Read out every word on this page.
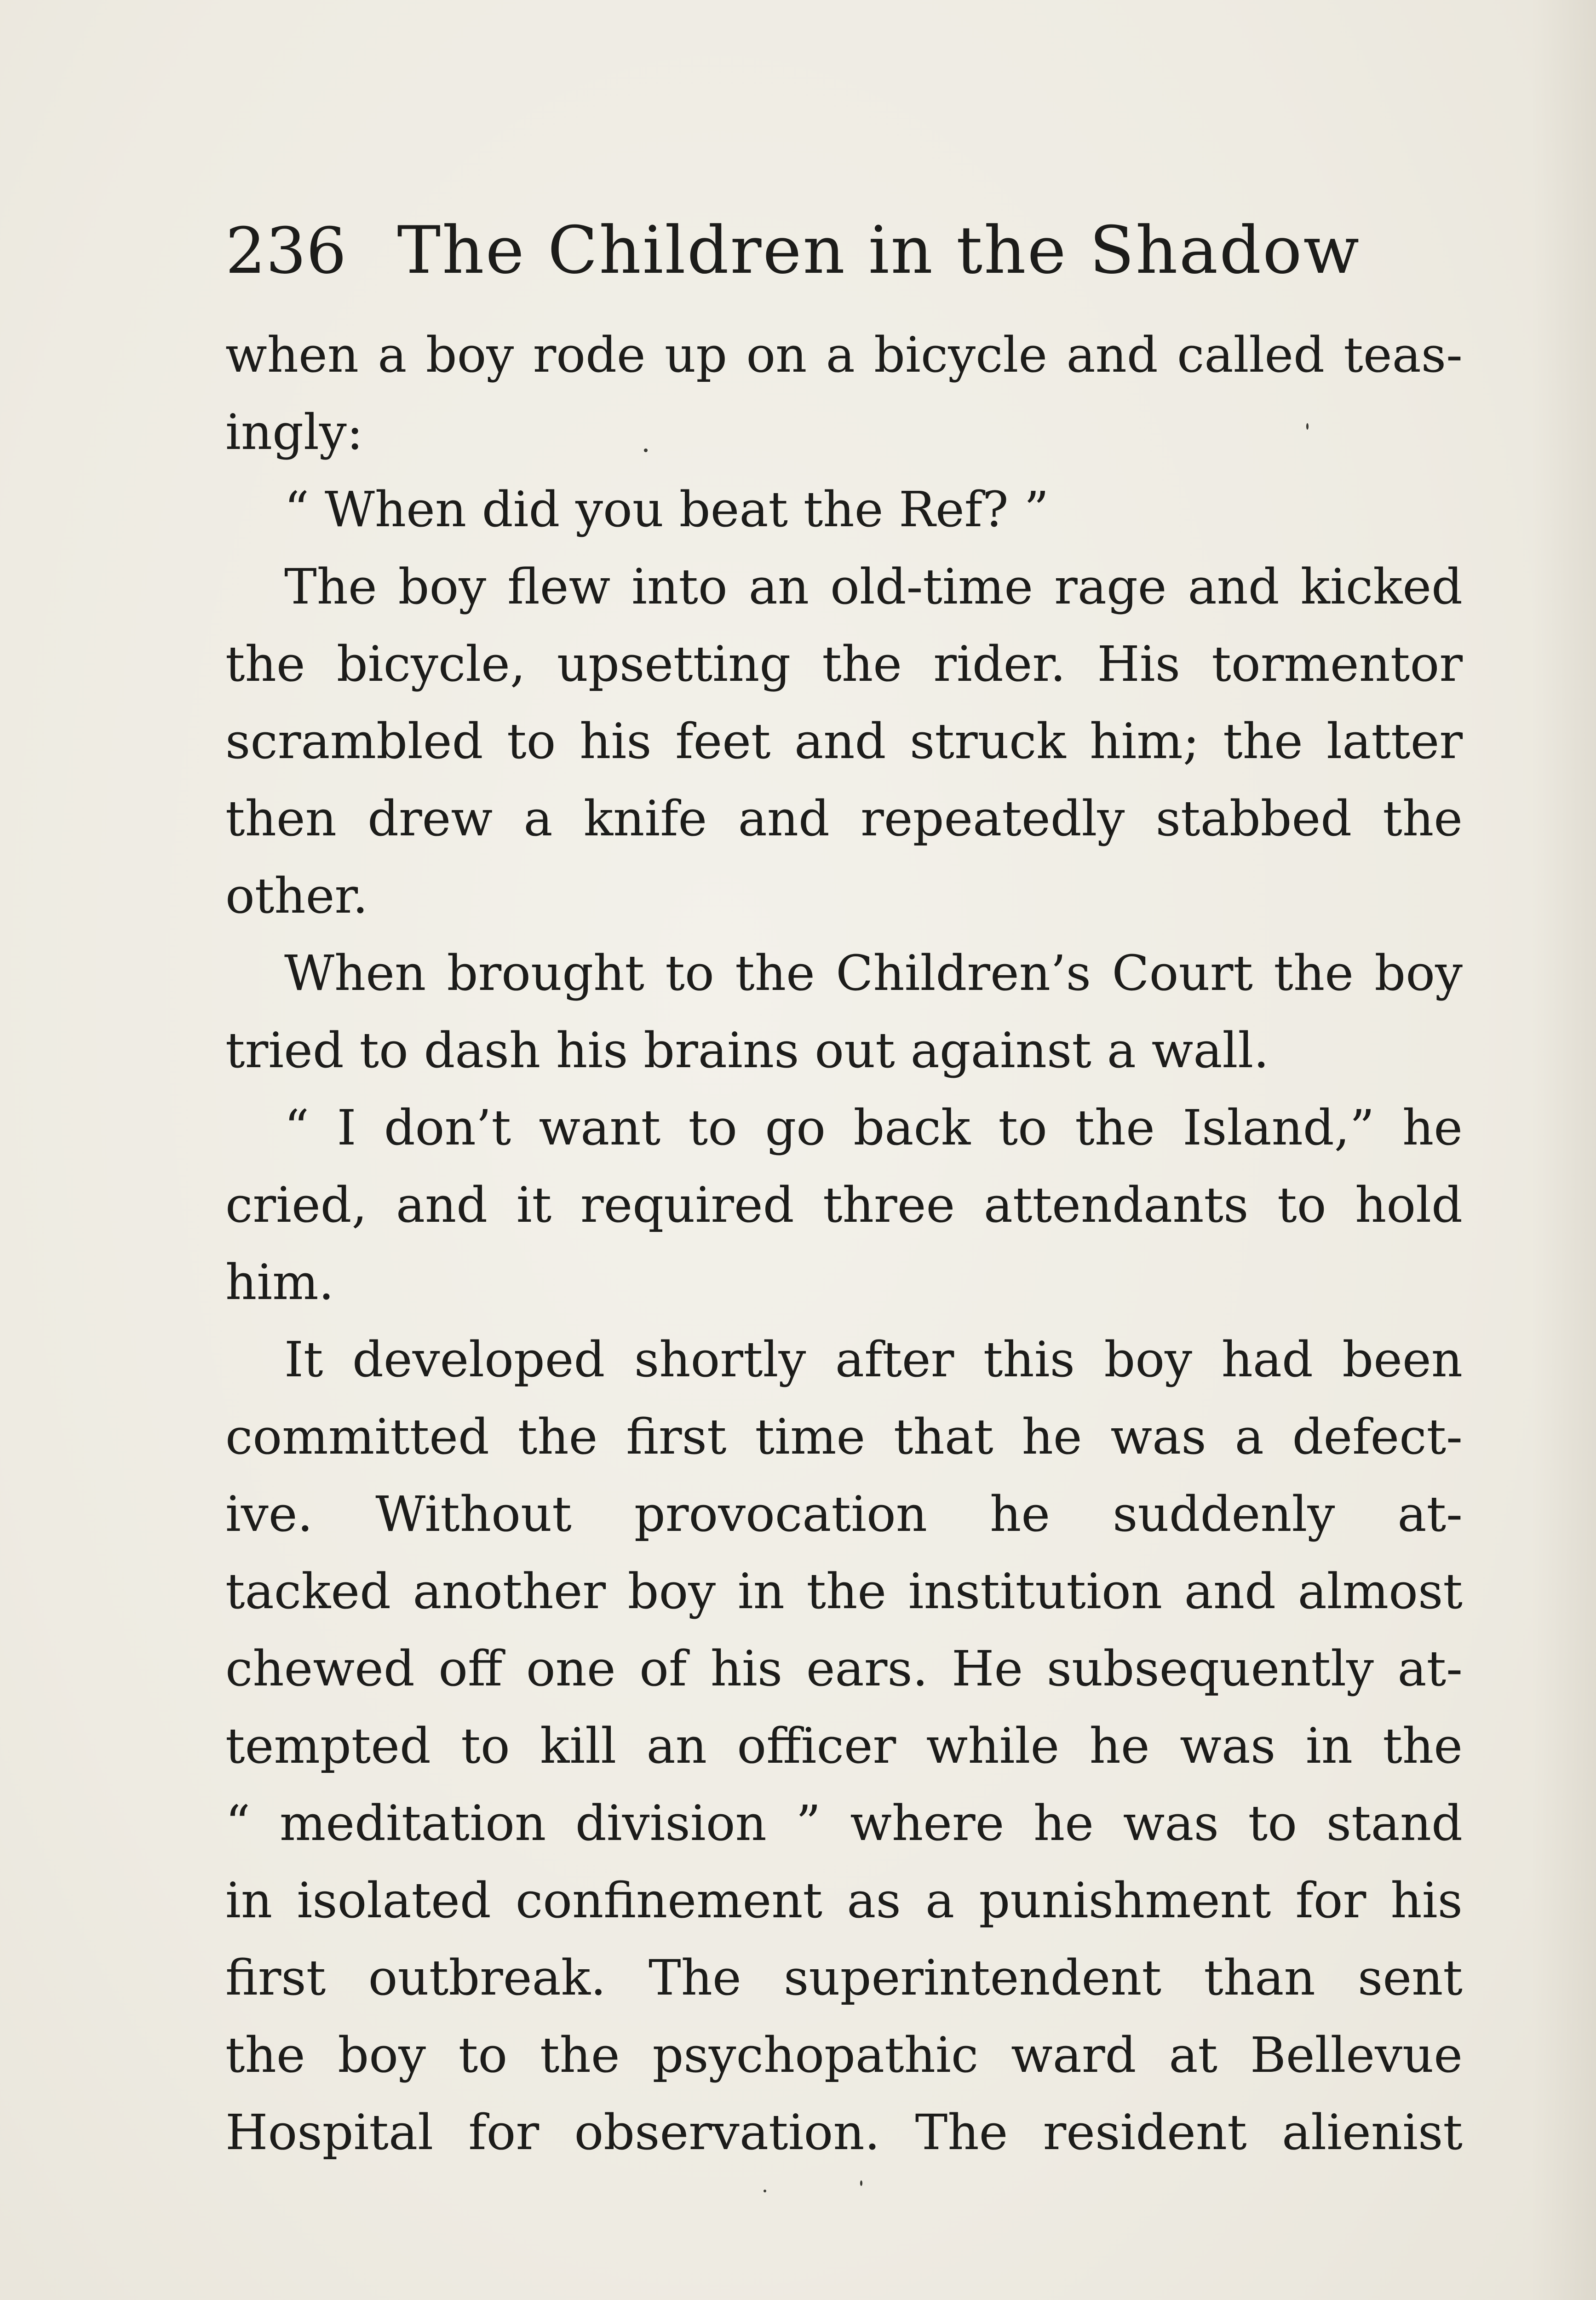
236 The Children in the Shadow
when a boy rode up on a bicycle and called teas-
ingly:
“ When did you beat the Ref? ”
The boy flew into an old-time rage and kicked
the bicycle, upsetting the rider. His tormentor
scrambled to his feet and struck him; the latter
then drew a knife and repeatedly stabbed the
other.
When brought to the Children’s Court the boy
tried to dash his brains out against a wall.
“ I don’t want to go back to the Island,” he
cried, and it required three attendants to hold
him.
It developed shortly after this boy had been
committed the first time that he was a defect-
ive. Without provocation he suddenly at-
tacked another boy in the institution and almost
chewed off one of his ears. He subsequently at-
tempted to kill an officer while he was in the
“ meditation division ” where he was to stand
in isolated confinement as a punishment for his
first outbreak. The superintendent than sent
the boy to the psychopathic ward at Bellevue
Hospital for observation. The resident alienist
